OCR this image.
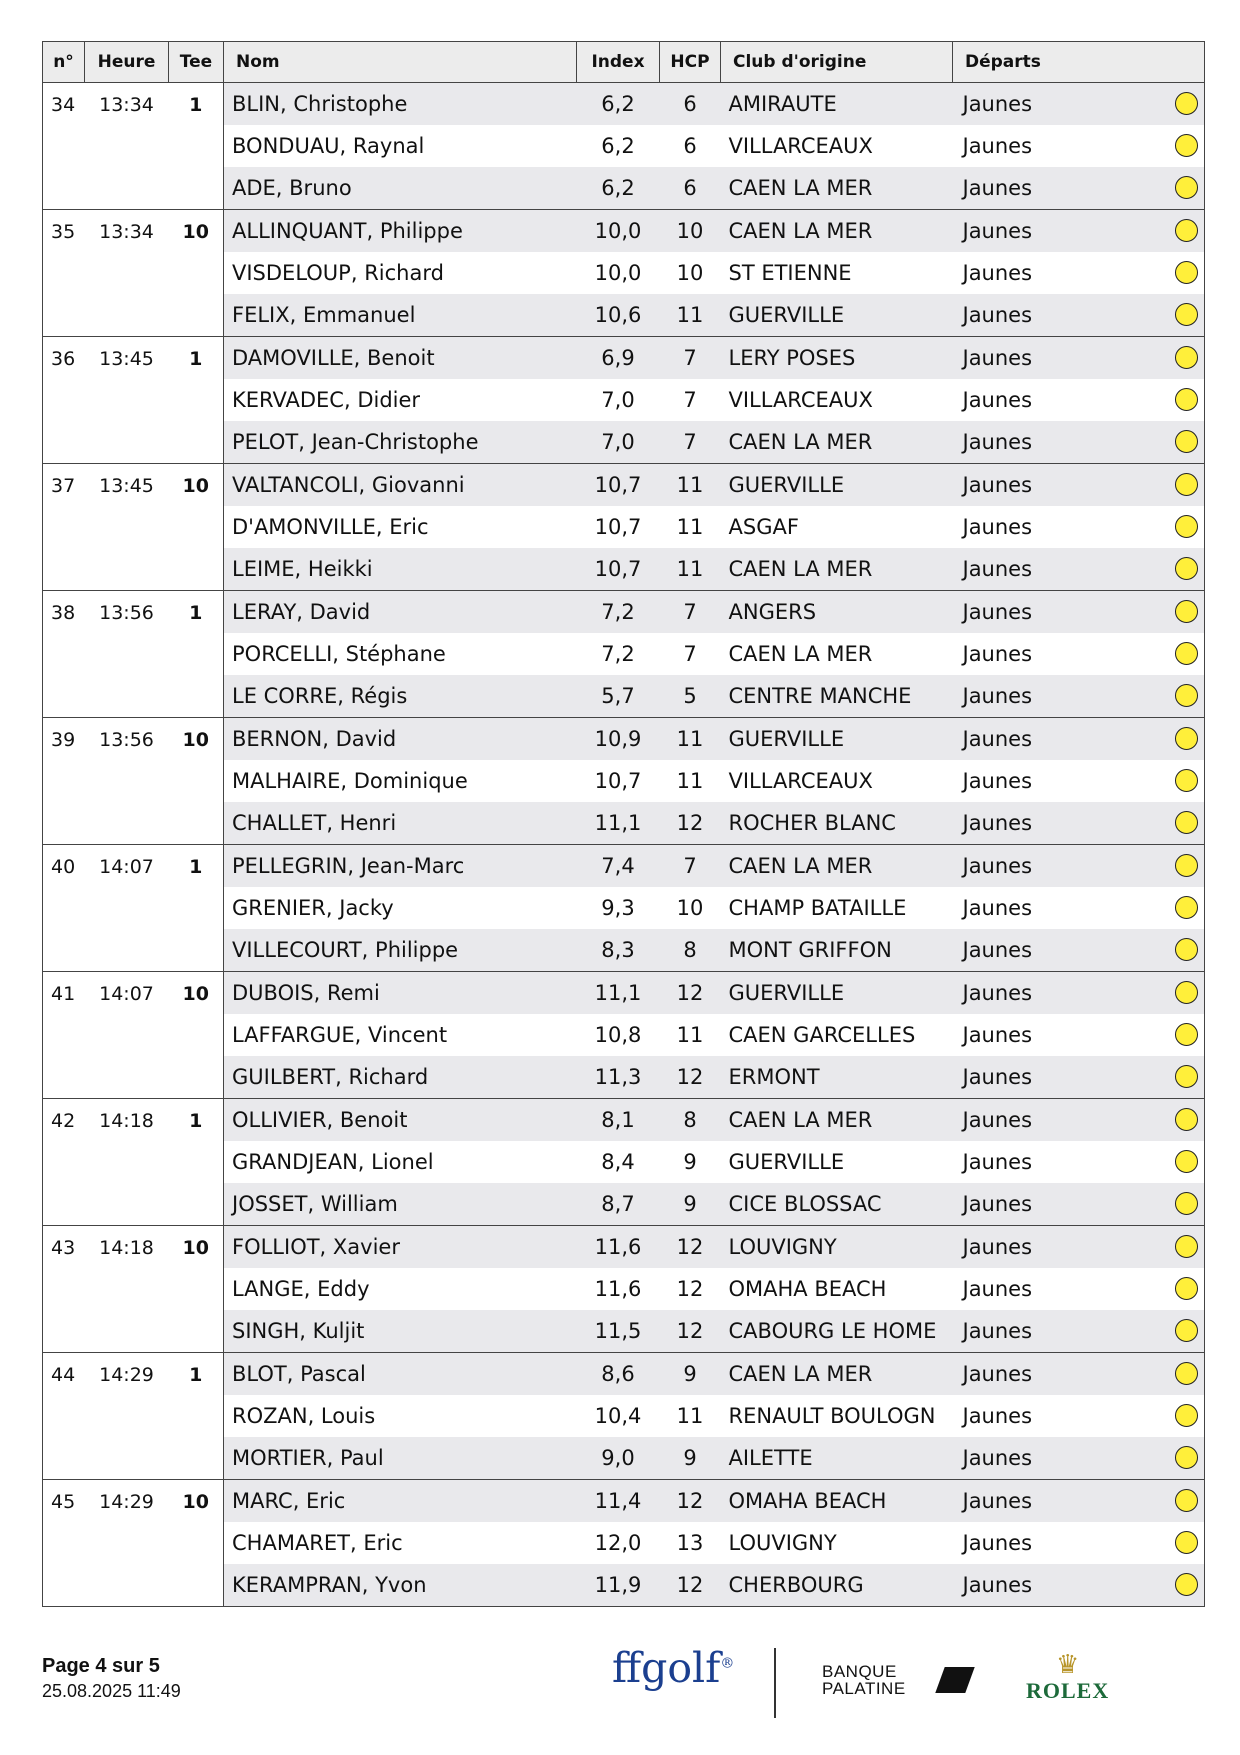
n°	Heure	Tee	Nom	Index	HCP	Club d'origine	Départs
34	13:34	1	BLIN, Christophe	6,2	6	AMIRAUTE	Jaunes

			BONDUAU, Raynal	6,2	6	VILLARCEAUX	Jaunes

			ADE, Bruno	6,2	6	CAEN LA MER	Jaunes

35	13:34	10	ALLINQUANT, Philippe	10,0	10	CAEN LA MER	Jaunes

			VISDELOUP, Richard	10,0	10	ST ETIENNE	Jaunes

			FELIX, Emmanuel	10,6	11	GUERVILLE	Jaunes

36	13:45	1	DAMOVILLE, Benoit	6,9	7	LERY POSES	Jaunes

			KERVADEC, Didier	7,0	7	VILLARCEAUX	Jaunes

			PELOT, Jean-Christophe	7,0	7	CAEN LA MER	Jaunes

37	13:45	10	VALTANCOLI, Giovanni	10,7	11	GUERVILLE	Jaunes

			D'AMONVILLE, Eric	10,7	11	ASGAF	Jaunes

			LEIME, Heikki	10,7	11	CAEN LA MER	Jaunes

38	13:56	1	LERAY, David	7,2	7	ANGERS	Jaunes

			PORCELLI, Stéphane	7,2	7	CAEN LA MER	Jaunes

			LE CORRE, Régis	5,7	5	CENTRE MANCHE	Jaunes

39	13:56	10	BERNON, David	10,9	11	GUERVILLE	Jaunes

			MALHAIRE, Dominique	10,7	11	VILLARCEAUX	Jaunes

			CHALLET, Henri	11,1	12	ROCHER BLANC	Jaunes

40	14:07	1	PELLEGRIN, Jean-Marc	7,4	7	CAEN LA MER	Jaunes

			GRENIER, Jacky	9,3	10	CHAMP BATAILLE	Jaunes

			VILLECOURT, Philippe	8,3	8	MONT GRIFFON	Jaunes

41	14:07	10	DUBOIS, Remi	11,1	12	GUERVILLE	Jaunes

			LAFFARGUE, Vincent	10,8	11	CAEN GARCELLES	Jaunes

			GUILBERT, Richard	11,3	12	ERMONT	Jaunes

42	14:18	1	OLLIVIER, Benoit	8,1	8	CAEN LA MER	Jaunes

			GRANDJEAN, Lionel	8,4	9	GUERVILLE	Jaunes

			JOSSET, William	8,7	9	CICE BLOSSAC	Jaunes

43	14:18	10	FOLLIOT, Xavier	11,6	12	LOUVIGNY	Jaunes

			LANGE, Eddy	11,6	12	OMAHA BEACH	Jaunes

			SINGH, Kuljit	11,5	12	CABOURG LE HOME	Jaunes

44	14:29	1	BLOT, Pascal	8,6	9	CAEN LA MER	Jaunes

			ROZAN, Louis	10,4	11	RENAULT BOULOGN	Jaunes

			MORTIER, Paul	9,0	9	AILETTE	Jaunes

45	14:29	10	MARC, Eric	11,4	12	OMAHA BEACH	Jaunes

			CHAMARET, Eric	12,0	13	LOUVIGNY	Jaunes

			KERAMPRAN, Yvon	11,9	12	CHERBOURG	Jaunes
Page 4 sur 5
25.08.2025 11:49	ffgolf®	BANQUE
PALATINE
♛
ROLEX
